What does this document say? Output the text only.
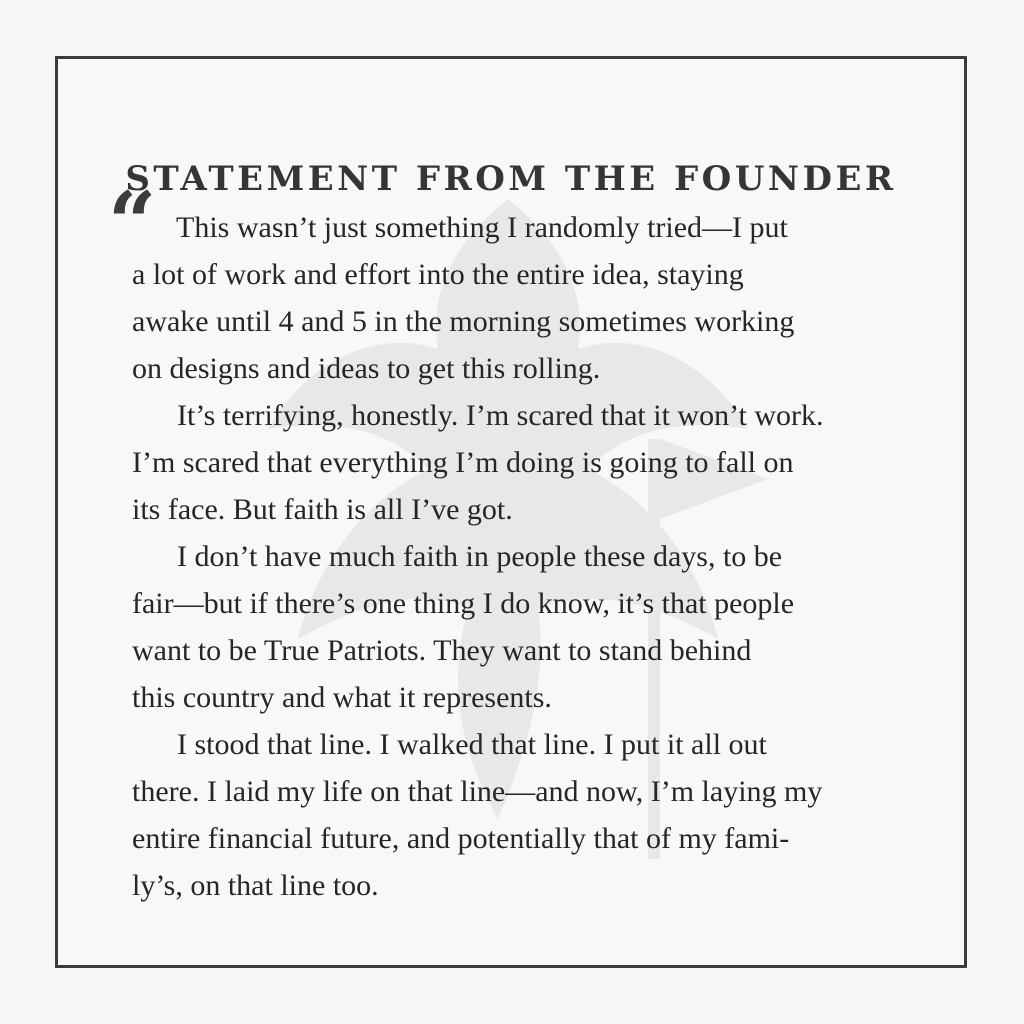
STATEMENT FROM THE FOUNDER
“ This wasn’t just something I randomly tried—I put
a lot of work and effort into the entire idea, staying
awake until 4 and 5 in the morning sometimes working
on designs and ideas to get this rolling.
It’s terrifying, honestly. I’m scared that it won’t work.
I’m scared that everything I’m doing is going to fall on
its face. But faith is all I’ve got.
I don’t have much faith in people these days, to be
fair—but if there’s one thing I do know, it’s that people
want to be True Patriots. They want to stand behind
this country and what it represents.
I stood that line. I walked that line. I put it all out
there. I laid my life on that line—and now, I’m laying my
entire financial future, and potentially that of my fami-
ly’s, on that line too.
